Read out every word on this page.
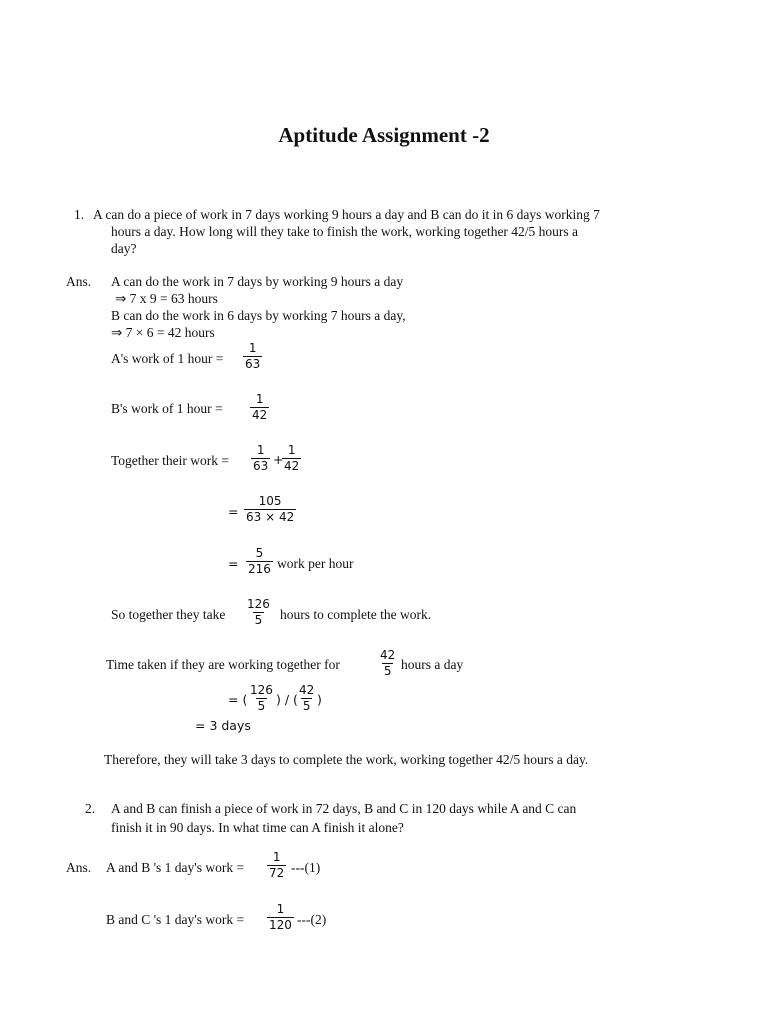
Aptitude Assignment -2
1. A can do a piece of work in 7 days working 9 hours a day and B can do it in 6 days working 7
hours a day. How long will they take to finish the work, working together 42/5 hours a
day?
Ans. A can do the work in 7 days by working 9 hours a day
⇒ 7 x 9 = 63 hours
B can do the work in 6 days by working 7 hours a day,
⇒ 7 × 6 = 42 hours
A's work of 1 hour = $\frac{1}{63}$
B's work of 1 hour = $\frac{1}{42}$
Together their work = $\frac{1}{63}$ +
$\frac{1}{42}$
= $\frac{105}{63 \times 42}$
= $\frac{5}{216}$ work per hour
So together they take $\frac{126}{5}$ hours to complete the work.
Time taken if they are working together for	$\frac{42}{5}$ hours a day
= ( $\frac{126}{5}$ ) / ( $\frac{42}{5}$ )
= 3 days
Therefore, they will take 3 days to complete the work, working together 42/5 hours a day.
2. A and B can finish a piece of work in 72 days, B and C in 120 days while A and C can
finish it in 90 days. In what time can A finish it alone?
Ans. A and B 's 1 day's work = $\frac{1}{72} ---(1)$
B and C 's 1 day's work = $\frac{1}{120} ---(2)$
